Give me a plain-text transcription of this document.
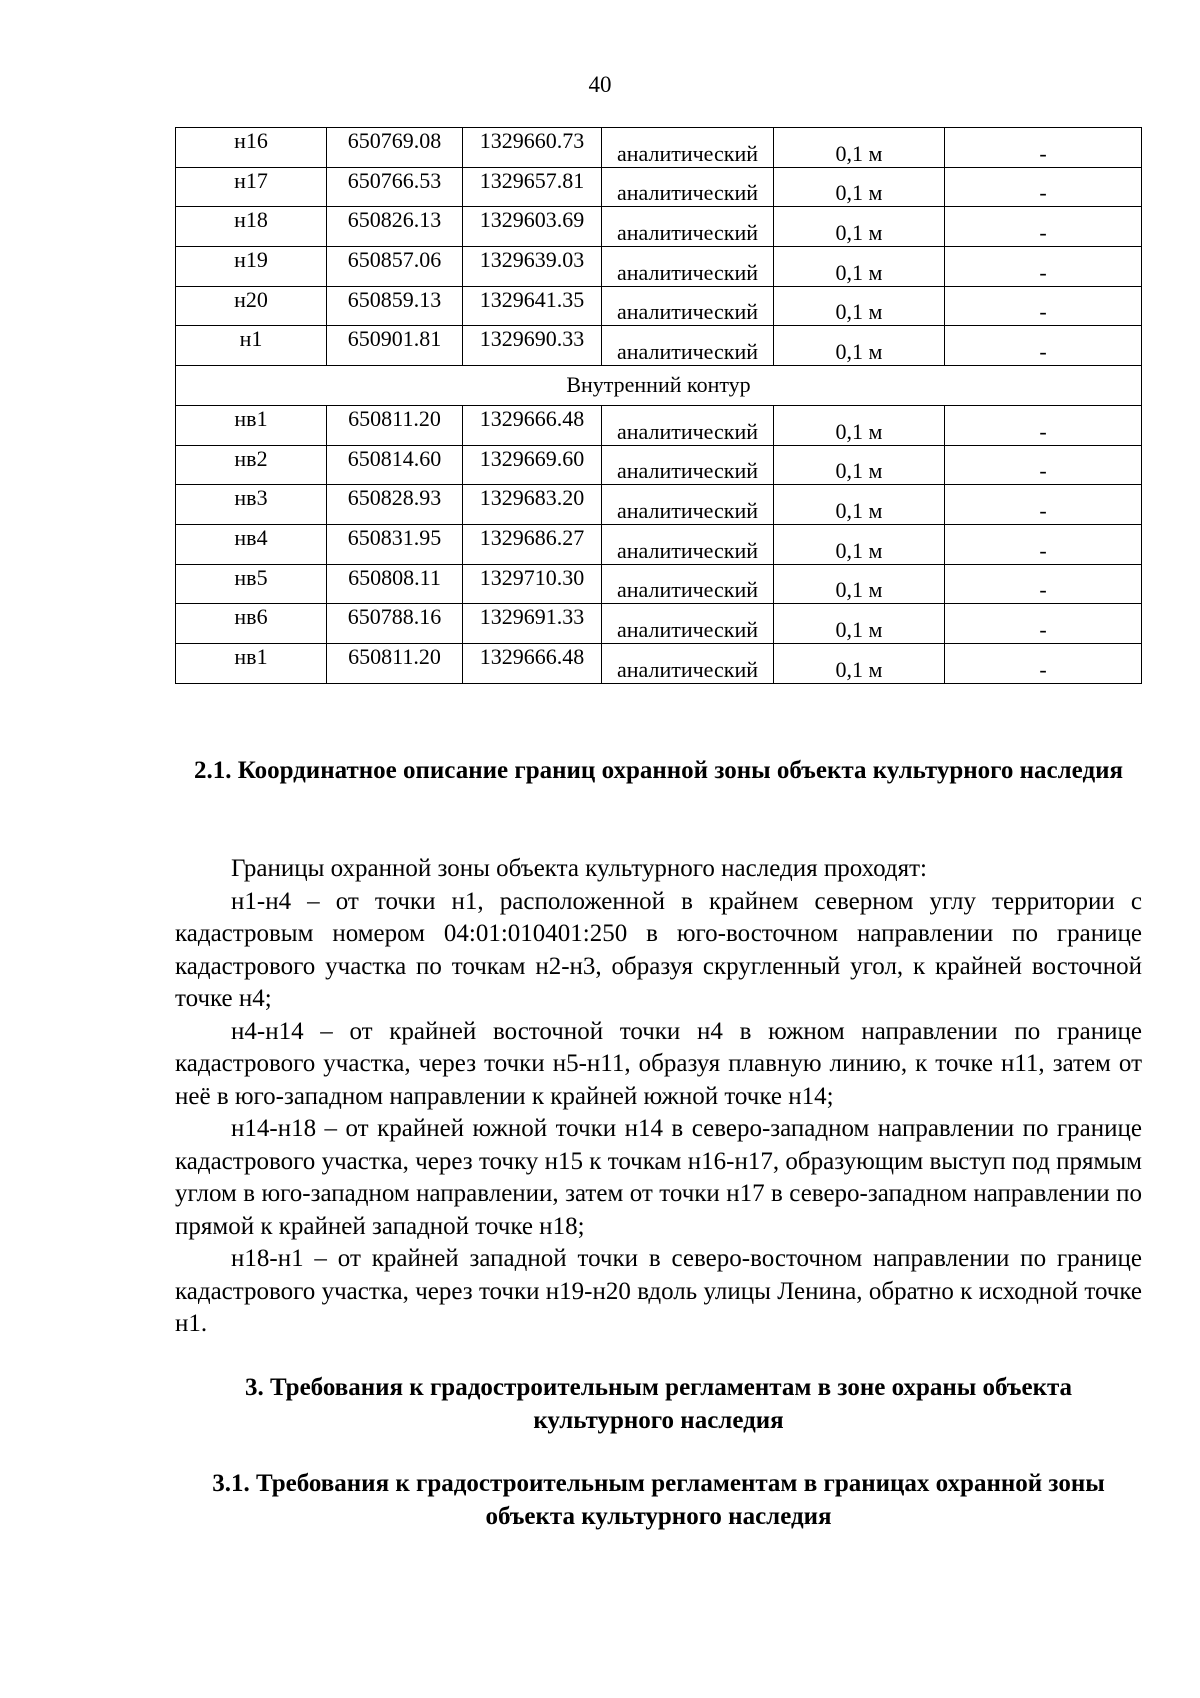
40
н16	650769.08	1329660.73	аналитический	0,1 м	-
н17	650766.53	1329657.81	аналитический	0,1 м	-
н18	650826.13	1329603.69	аналитический	0,1 м	-
н19	650857.06	1329639.03	аналитический	0,1 м	-
н20	650859.13	1329641.35	аналитический	0,1 м	-
н1	650901.81	1329690.33	аналитический	0,1 м	-
Внутренний контур					
нв1	650811.20	1329666.48	аналитический	0,1 м	-
нв2	650814.60	1329669.60	аналитический	0,1 м	-
нв3	650828.93	1329683.20	аналитический	0,1 м	-
нв4	650831.95	1329686.27	аналитический	0,1 м	-
нв5	650808.11	1329710.30	аналитический	0,1 м	-
нв6	650788.16	1329691.33	аналитический	0,1 м	-
нв1	650811.20	1329666.48	аналитический	0,1 м	-
2.1. Координатное описание границ охранной зоны объекта культурного наследия

Границы охранной зоны объекта культурного наследия проходят:

н1-н4 – от точки н1, расположенной в крайнем северном углу территории с кадастровым номером 04:01:010401:250 в юго-восточном направлении по границе кадастрового участка по точкам н2-н3, образуя скругленный угол, к крайней восточной точке н4;

н4-н14 – от крайней восточной точки н4 в южном направлении по границе кадастрового участка, через точки н5-н11, образуя плавную линию, к точке н11, затем от неё в юго-западном направлении к крайней южной точке н14;

н14-н18 – от крайней южной точки н14 в северо-западном направлении по границе кадастрового участка, через точку н15 к точкам н16-н17, образующим выступ под прямым углом в юго-западном направлении, затем от точки н17 в северо-западном направлении по прямой к крайней западной точке н18;

н18-н1 – от крайней западной точки в северо-восточном направлении по границе кадастрового участка, через точки н19-н20 вдоль улицы Ленина, обратно к исходной точке н1.

3. Требования к градостроительным регламентам в зоне охраны объекта культурного наследия
3.1. Требования к градостроительным регламентам в границах охранной зоны объекта культурного наследия
